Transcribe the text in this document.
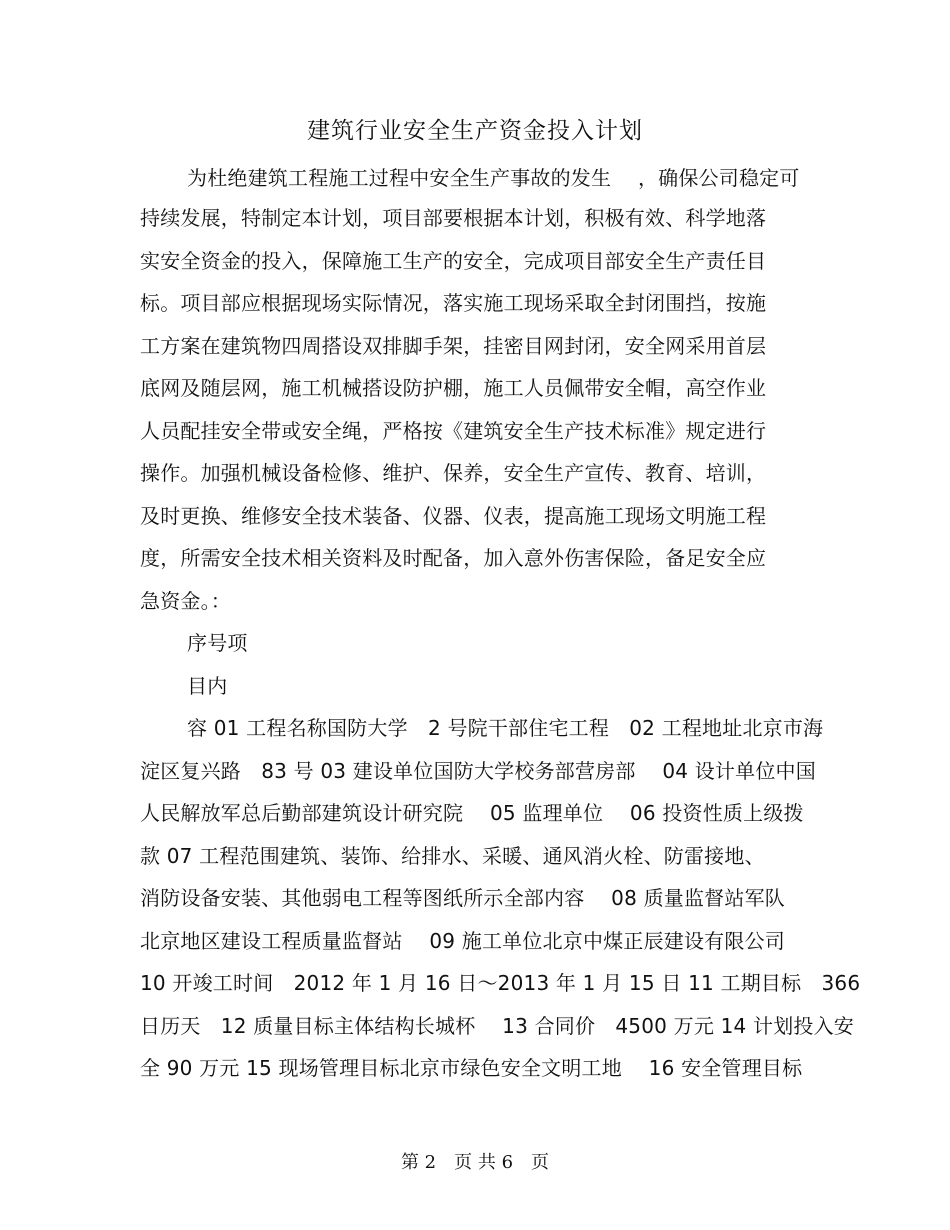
建筑行业安全生产资金投入计划
为杜绝建筑工程施工过程中安全生产事故的发生　 ，确保公司稳定可
持续发展，特制定本计划，项目部要根据本计划，积极有效、科学地落
实安全资金的投入，保障施工生产的安全，完成项目部安全生产责任目
标。项目部应根据现场实际情况，落实施工现场采取全封闭围挡，按施
工方案在建筑物四周搭设双排脚手架，挂密目网封闭，安全网采用首层
底网及随层网，施工机械搭设防护棚，施工人员佩带安全帽，高空作业
人员配挂安全带或安全绳，严格按《建筑安全生产技术标准》规定进行
操作。加强机械设备检修、维护、保养，安全生产宣传、教育、培训，
及时更换、维修安全技术装备、仪器、仪表，提高施工现场文明施工程
度，所需安全技术相关资料及时配备，加入意外伤害保险，备足安全应
急资金。：
序号项
目内
容 01 工程名称国防大学　2 号院干部住宅工程　02 工程地址北京市海
淀区复兴路　83 号 03 建设单位国防大学校务部营房部　 04 设计单位中国
人民解放军总后勤部建筑设计研究院　 05 监理单位　 06 投资性质上级拨
款 07 工程范围建筑、装饰、给排水、采暖、通风消火栓、防雷接地、
消防设备安装、其他弱电工程等图纸所示全部内容　 08 质量监督站军队
北京地区建设工程质量监督站　 09 施工单位北京中煤正辰建设有限公司
10 开竣工时间　2012 年 1 月 16 日～2013 年 1 月 15 日 11 工期目标　366
日历天　12 质量目标主体结构长城杯　 13 合同价　4500 万元 14 计划投入安
全 90 万元 15 现场管理目标北京市绿色安全文明工地　 16 安全管理目标
第 2　页 共 6　页
